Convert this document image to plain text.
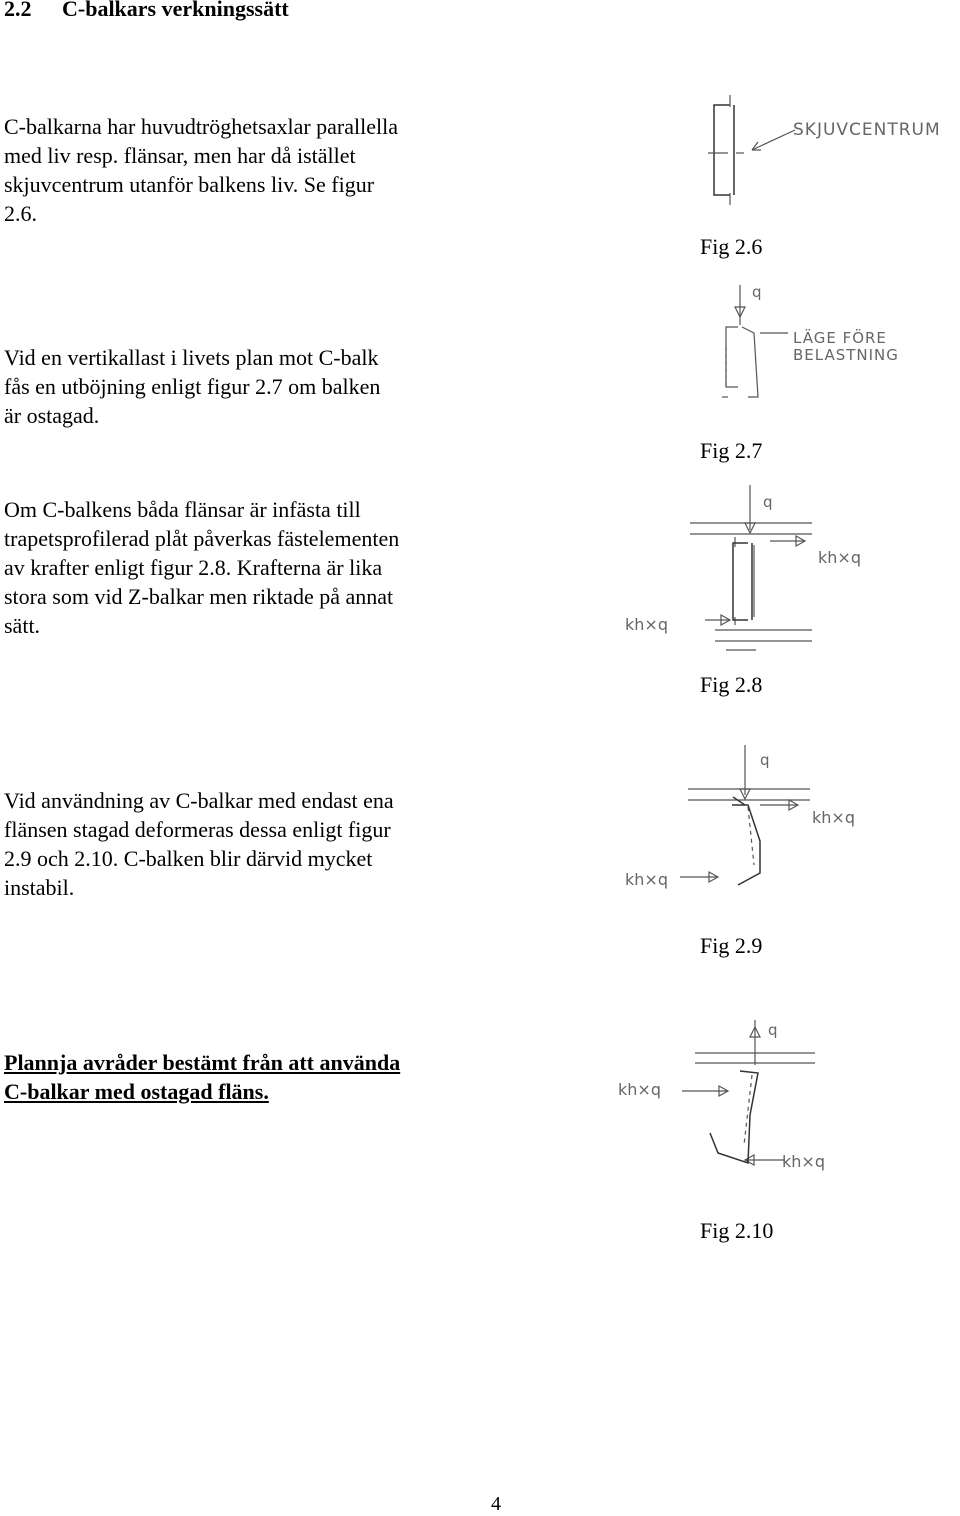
2.2 C-balkars verkningssätt
C-balkarna har huvudtröghetsaxlar parallella
med liv resp. flänsar, men har då istället
skjuvcentrum utanför balkens liv. Se figur
2.6.
Vid en vertikallast i livets plan mot C-balk
fås en utböjning enligt figur 2.7 om balken
är ostagad.
Om C-balkens båda flänsar är infästa till
trapetsprofilerad plåt påverkas fästelementen
av krafter enligt figur 2.8. Krafterna är lika
stora som vid Z-balkar men riktade på annat
sätt.
Vid användning av C-balkar med endast ena
flänsen stagad deformeras dessa enligt figur
2.9 och 2.10. C-balken blir därvid mycket
instabil.
Plannja avråder bestämt från att använda
C-balkar med ostagad fläns.
SKJUVCENTRUM
Fig 2.6
q
LÄGE FÖRE
BELASTNING
Fig 2.7
q
kh×q
kh×q
Fig 2.8
q
kh×q
kh×q
Fig 2.9
q
kh×q
kh×q
Fig 2.10
4
